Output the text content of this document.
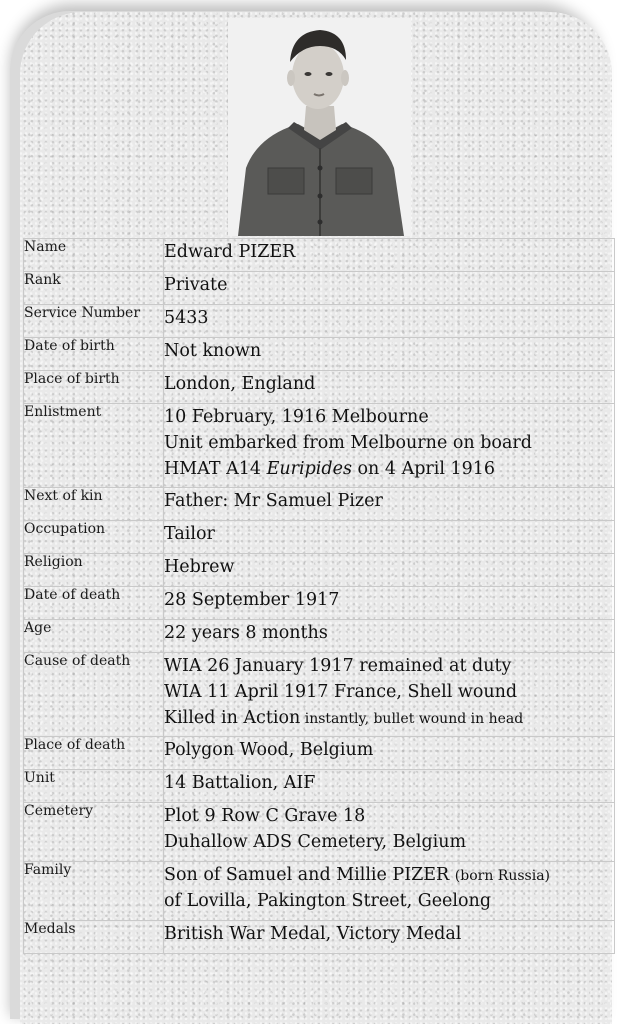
Name	Edward PIZER
Rank	Private
Service Number	5433
Date of birth	Not known
Place of birth	London, England
Enlistment	10 February, 1916 Melbourne
Unit embarked from Melbourne on board
HMAT A14 Euripides on 4 April 1916

Next of kin	Father: Mr Samuel Pizer
Occupation	Tailor
Religion	Hebrew
Date of death	28 September 1917
Age	22 years 8 months
Cause of death	WIA 26 January 1917 remained at duty
WIA 11 April 1917 France, Shell wound
Killed in Action instantly, bullet wound in head

Place of death	Polygon Wood, Belgium
Unit	14 Battalion, AIF
Cemetery	Plot 9 Row C Grave 18
Duhallow ADS Cemetery, Belgium

Family	Son of Samuel and Millie PIZER (born Russia)
of Lovilla, Pakington Street, Geelong

Medals	British War Medal, Victory Medal
